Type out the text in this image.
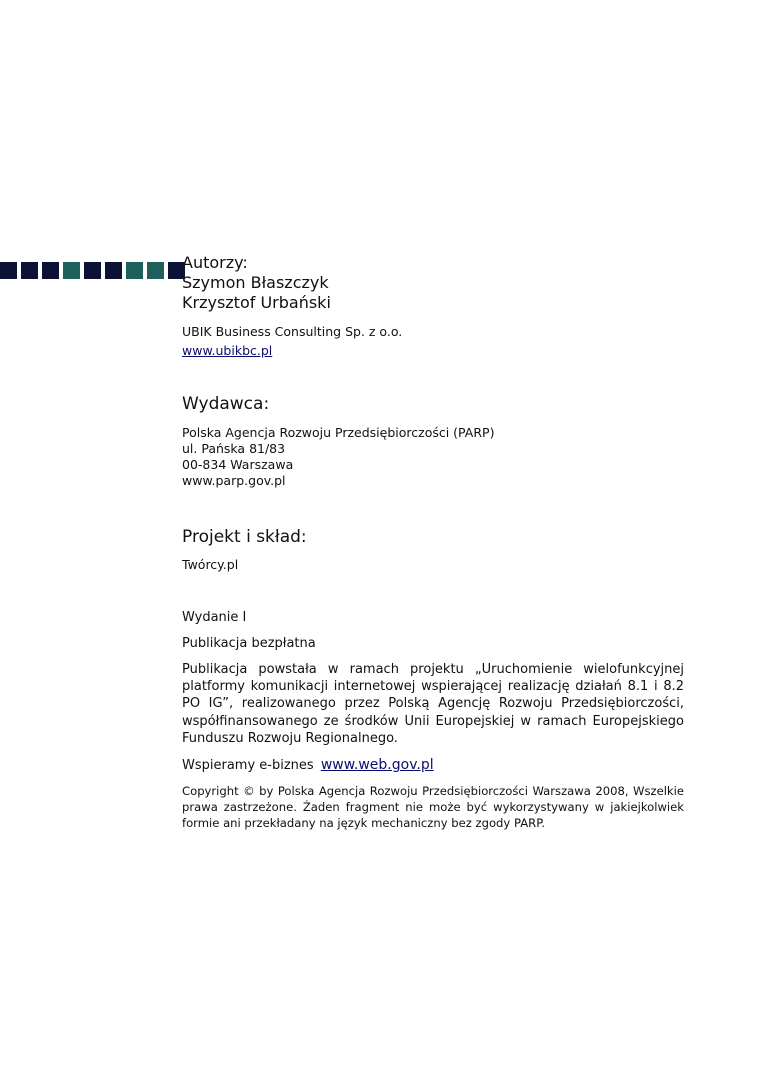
Autorzy:
Szymon Błaszczyk
Krzysztof Urbański
UBIK Business Consulting Sp. z o.o.
www.ubikbc.pl
Wydawca:
Polska Agencja Rozwoju Przedsiębiorczości (PARP)
ul. Pańska 81/83
00-834 Warszawa
www.parp.gov.pl
Projekt i skład:
Twórcy.pl
Wydanie I
Publikacja bezpłatna
Publikacja powstała w ramach projektu „Uruchomienie wielofunkcyjnej platformy komunikacji internetowej wspierającej realizację działań 8.1 i 8.2 PO IG”, realizowanego przez Polską Agencję Rozwoju Przedsiębiorczości, współfinansowanego ze środków Unii Europejskiej w ramach Europejskiego Funduszu Rozwoju Regionalnego.
Wspieramy e-biznes www.web.gov.pl
Copyright © by Polska Agencja Rozwoju Przedsiębiorczości Warszawa 2008, Wszelkie prawa zastrzeżone. Żaden fragment nie może być wykorzystywany w jakiejkolwiek formie ani przekładany na język mechaniczny bez zgody PARP.
